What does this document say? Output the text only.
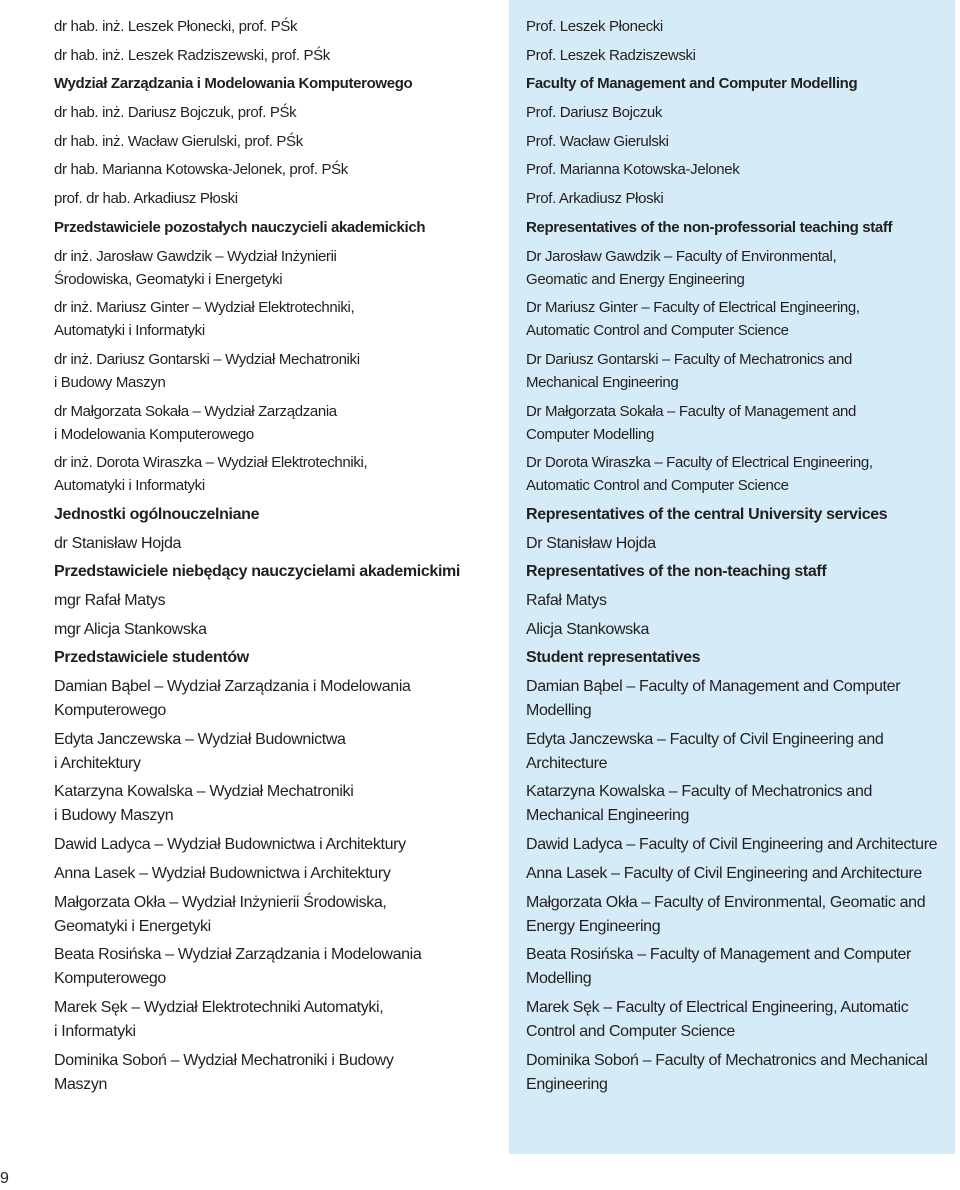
dr hab. inż. Leszek Płonecki, prof. PŚk
dr hab. inż. Leszek Radziszewski, prof. PŚk
Wydział Zarządzania i Modelowania Komputerowego
dr hab. inż. Dariusz Bojczuk, prof. PŚk
dr hab. inż. Wacław Gierulski, prof. PŚk
dr hab. Marianna Kotowska-Jelonek, prof. PŚk
prof. dr hab. Arkadiusz Płoski
Przedstawiciele pozostałych nauczycieli akademickich
dr inż. Jarosław Gawdzik – Wydział Inżynierii
Środowiska, Geomatyki i Energetyki
dr inż. Mariusz Ginter – Wydział Elektrotechniki,
Automatyki i Informatyki
dr inż. Dariusz Gontarski – Wydział Mechatroniki
i Budowy Maszyn
dr Małgorzata Sokała – Wydział Zarządzania
i Modelowania Komputerowego
dr inż. Dorota Wiraszka – Wydział Elektrotechniki,
Automatyki i Informatyki
Jednostki ogólnouczelniane
dr Stanisław Hojda
Przedstawiciele niebędący nauczycielami akademickimi
mgr Rafał Matys
mgr Alicja Stankowska
Przedstawiciele studentów
Damian Bąbel – Wydział Zarządzania i Modelowania
Komputerowego
Edyta Janczewska – Wydział Budownictwa
i Architektury
Katarzyna Kowalska – Wydział Mechatroniki
i Budowy Maszyn
Dawid Ladyca – Wydział Budownictwa i Architektury
Anna Lasek – Wydział Budownictwa i Architektury
Małgorzata Okła – Wydział Inżynierii Środowiska,
Geomatyki i Energetyki
Beata Rosińska – Wydział Zarządzania i Modelowania
Komputerowego
Marek Sęk – Wydział Elektrotechniki Automatyki,
i Informatyki
Dominika Soboń – Wydział Mechatroniki i Budowy
Maszyn
Prof. Leszek Płonecki
Prof. Leszek Radziszewski
Faculty of Management and Computer Modelling
Prof. Dariusz Bojczuk
Prof. Wacław Gierulski
Prof. Marianna Kotowska-Jelonek
Prof. Arkadiusz Płoski
Representatives of the non-professorial teaching staff
Dr Jarosław Gawdzik – Faculty of Environmental,
Geomatic and Energy Engineering
Dr Mariusz Ginter – Faculty of Electrical Engineering,
Automatic Control and Computer Science
Dr Dariusz Gontarski – Faculty of Mechatronics and
Mechanical Engineering
Dr Małgorzata Sokała – Faculty of Management and
Computer Modelling
Dr Dorota Wiraszka – Faculty of Electrical Engineering,
Automatic Control and Computer Science
Representatives of the central University services
Dr Stanisław Hojda
Representatives of the non-teaching staff
Rafał Matys
Alicja Stankowska
Student representatives
Damian Bąbel – Faculty of Management and Computer
Modelling
Edyta Janczewska – Faculty of Civil Engineering and
Architecture
Katarzyna Kowalska – Faculty of Mechatronics and
Mechanical Engineering
Dawid Ladyca – Faculty of Civil Engineering and Architecture
Anna Lasek – Faculty of Civil Engineering and Architecture
Małgorzata Okła – Faculty of Environmental, Geomatic and
Energy Engineering
Beata Rosińska – Faculty of Management and Computer
Modelling
Marek Sęk – Faculty of Electrical Engineering, Automatic
Control and Computer Science
Dominika Soboń – Faculty of Mechatronics and Mechanical
Engineering
9
